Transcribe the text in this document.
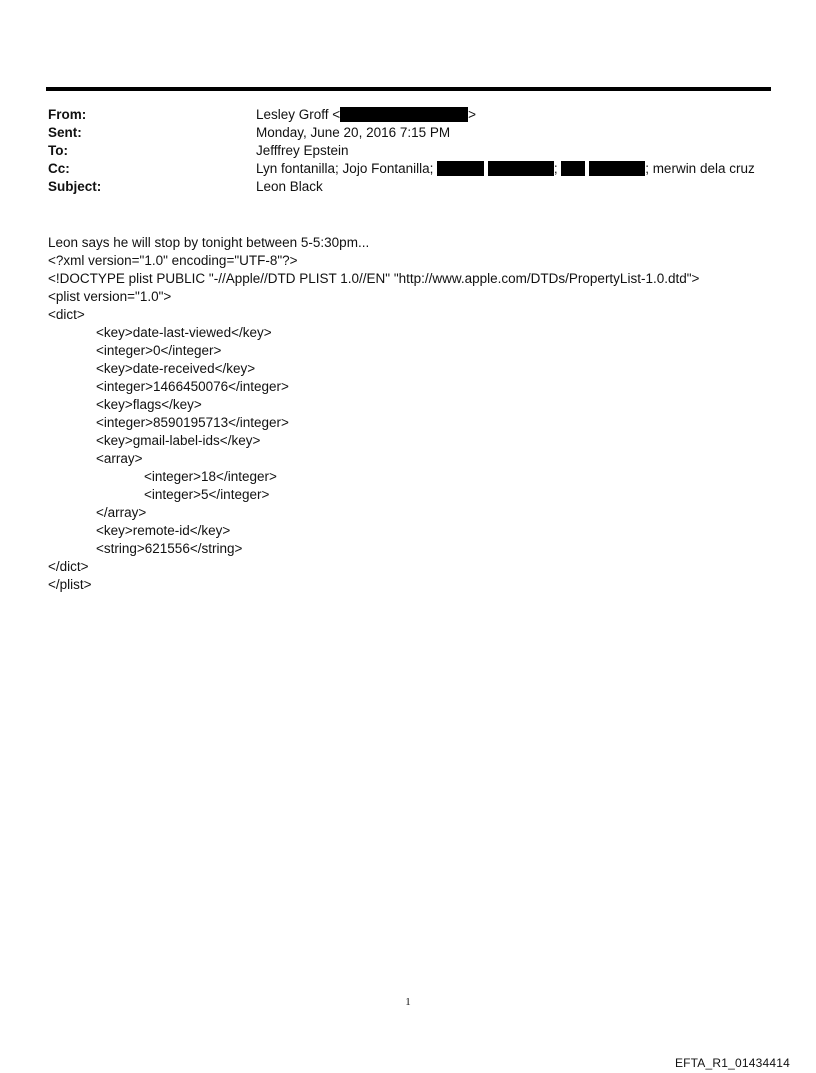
From:	Lesley Groff <	>
Sent:	Monday, June 20, 2016 7:15 PM
To:	Jefffrey Epstein
Cc:	Lyn fontanilla; Jojo Fontanilla;	;	; merwin dela cruz
Subject:	Leon Black
Leon says he will stop by tonight between 5-5:30pm...
<?xml version="1.0" encoding="UTF-8"?>
<!DOCTYPE plist PUBLIC "-//Apple//DTD PLIST 1.0//EN" "http://www.apple.com/DTDs/PropertyList-1.0.dtd">
<plist version="1.0">
<dict>
<key>date-last-viewed</key>
<integer>0</integer>
<key>date-received</key>
<integer>1466450076</integer>
<key>flags</key>
<integer>8590195713</integer>
<key>gmail-label-ids</key>
<array>
<integer>18</integer>
<integer>5</integer>
</array>
<key>remote-id</key>
<string>621556</string>
</dict>
</plist>
1
EFTA_R1_01434414
